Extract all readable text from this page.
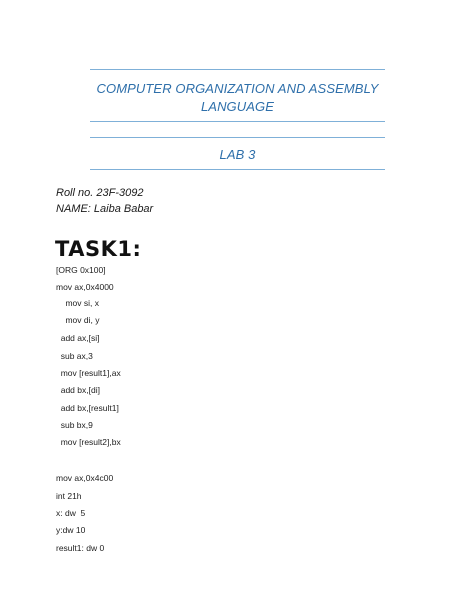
COMPUTER ORGANIZATION AND ASSEMBLY
LANGUAGE
LAB 3
Roll no. 23F-3092
NAME: Laiba Babar
TASK1:
[ORG 0x100]
mov ax,0x4000
mov si, x
mov di, y
add ax,[si]
sub ax,3
mov [result1],ax
add bx,[di]
add bx,[result1]
sub bx,9
mov [result2],bx
mov ax,0x4c00
int 21h
x: dw  5
y:dw 10
result1: dw 0
